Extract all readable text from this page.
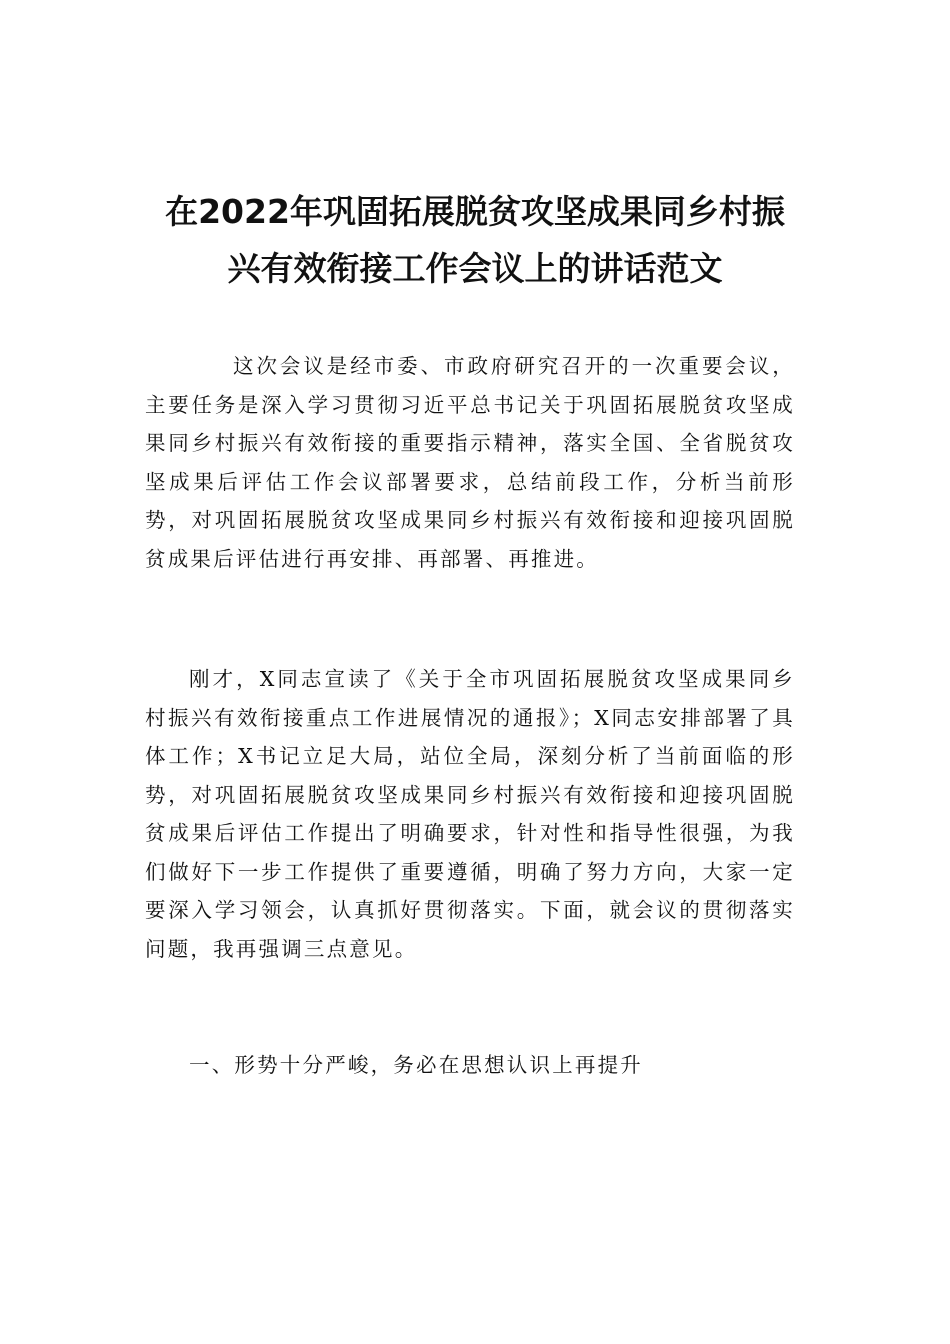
在2022年巩固拓展脱贫攻坚成果同乡村振
兴有效衔接工作会议上的讲话范文

这次会议是经市委、市政府研究召开的一次重要会议，主要任务是深入学习贯彻习近平总书记关于巩固拓展脱贫攻坚成果同乡村振兴有效衔接的重要指示精神，落实全国、全省脱贫攻坚成果后评估工作会议部署要求，总结前段工作，分析当前形势，对巩固拓展脱贫攻坚成果同乡村振兴有效衔接和迎接巩固脱贫成果后评估进行再安排、再部署、再推进。

刚才，X同志宣读了《关于全市巩固拓展脱贫攻坚成果同乡村振兴有效衔接重点工作进展情况的通报》；X同志安排部署了具体工作；X书记立足大局，站位全局，深刻分析了当前面临的形势，对巩固拓展脱贫攻坚成果同乡村振兴有效衔接和迎接巩固脱贫成果后评估工作提出了明确要求，针对性和指导性很强，为我们做好下一步工作提供了重要遵循，明确了努力方向，大家一定要深入学习领会，认真抓好贯彻落实。下面，就会议的贯彻落实问题，我再强调三点意见。

一、形势十分严峻，务必在思想认识上再提升
